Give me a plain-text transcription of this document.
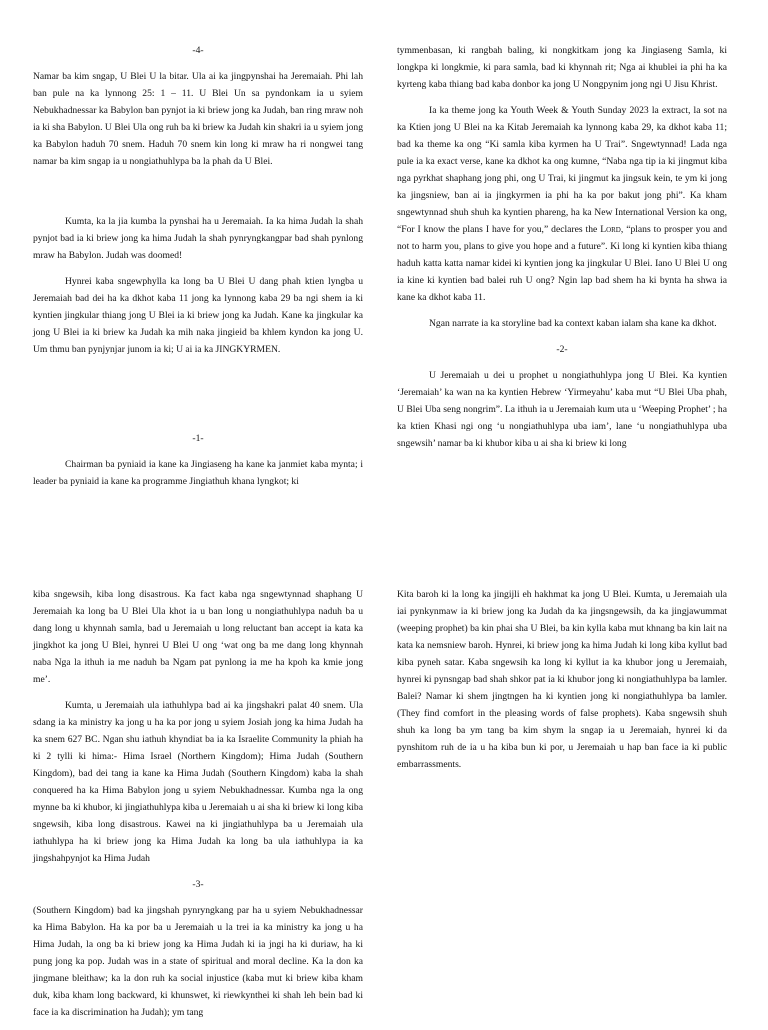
-4-

Namar ba kim sngap, U Blei U la bitar. Ula ai ka jingpynshai ha Jeremaiah. Phi lah ban pule na ka lynnong 25: 1 – 11. U Blei Un sa pyndonkam ia u syiem Nebukhadnessar ka Babylon ban pynjot ia ki briew jong ka Judah, ban ring mraw noh ia ki sha Babylon. U Blei Ula ong ruh ba ki briew ka Judah kin shakri ia u syiem jong ka Babylon haduh 70 snem. Haduh 70 snem kin long ki mraw ha ri nongwei tang namar ba kim sngap ia u nongiathuhlypa ba la phah da U Blei.

Kumta, ka la jia kumba la pynshai ha u Jeremaiah. Ia ka hima Judah la shah pynjot bad ia ki briew jong ka hima Judah la shah pynryngkangpar bad shah pynlong mraw ha Babylon. Judah was doomed!

Hynrei kaba sngewphylla ka long ba U Blei U dang phah ktien lyngba u Jeremaiah bad dei ha ka dkhot kaba 11 jong ka lynnong kaba 29 ba ngi shem ia ki kyntien jingkular thiang jong U Blei ia ki briew jong ka Judah. Kane ka jingkular ka jong U Blei ia ki briew ka Judah ka mih naka jingieid ba khlem kyndon ka jong U. Um thmu ban pynjynjar junom ia ki; U ai ia ka JINGKYRMEN.

-1-

Chairman ba pyniaid ia kane ka Jingiaseng ha kane ka janmiet kaba mynta; i leader ba pyniaid ia kane ka programme Jingiathuh khana lyngkot; ki

tymmenbasan, ki rangbah baling, ki nongkitkam jong ka Jingiaseng Samla, ki longkpa ki longkmie, ki para samla, bad ki khynnah rit; Nga ai khublei ia phi ha ka kyrteng kaba thiang bad kaba donbor ka jong U Nongpynim jong ngi U Jisu Khrist.

Ia ka theme jong ka Youth Week & Youth Sunday 2023 la extract, la sot na ka Ktien jong U Blei na ka Kitab Jeremaiah ka lynnong kaba 29, ka dkhot kaba 11; bad ka theme ka ong “Ki samla kiba kyrmen ha U Trai”. Sngewtynnad! Lada nga pule ia ka exact verse, kane ka dkhot ka ong kumne, “Naba nga tip ia ki jingmut kiba nga pyrkhat shaphang jong phi, ong U Trai, ki jingmut ka jingsuk kein, te ym ki jong ka jingsniew, ban ai ia jingkyrmen ia phi ha ka por bakut jong phi”. Ka kham sngewtynnad shuh shuh ka kyntien phareng, ha ka New International Version ka ong, “For I know the plans I have for you,” declares the Lord, “plans to prosper you and not to harm you, plans to give you hope and a future”. Ki long ki kyntien kiba thiang haduh katta katta namar kidei ki kyntien jong ka jingkular U Blei. Iano U Blei U ong ia kine ki kyntien bad balei ruh U ong? Ngin lap bad shem ha ki bynta ha shwa ia kane ka dkhot kaba 11.

Ngan narrate ia ka storyline bad ka context kaban ialam sha kane ka dkhot.

-2-

U Jeremaiah u dei u prophet u nongiathuhlypa jong U Blei. Ka kyntien ‘Jeremaiah’ ka wan na ka kyntien Hebrew ‘Yirmeyahu’ kaba mut “U Blei Uba phah, U Blei Uba seng nongrim”. La ithuh ia u Jeremaiah kum uta u ‘Weeping Prophet’ ; ha ka ktien Khasi ngi ong ‘u nongiathuhlypa uba iam’, lane ‘u nongiathuhlypa uba sngewsih’ namar ba ki khubor kiba u ai sha ki briew ki long

kiba sngewsih, kiba long disastrous. Ka fact kaba nga sngewtynnad shaphang U Jeremaiah ka long ba U Blei Ula khot ia u ban long u nongiathuhlypa naduh ba u dang long u khynnah samla, bad u Jeremaiah u long reluctant ban accept ia kata ka jingkhot ka jong U Blei, hynrei U Blei U ong ‘wat ong ba me dang long khynnah naba Nga la ithuh ia me naduh ba Ngam pat pynlong ia me ha kpoh ka kmie jong me’.

Kumta, u Jeremaiah ula iathuhlypa bad ai ka jingshakri palat 40 snem. Ula sdang ia ka ministry ka jong u ha ka por jong u syiem Josiah jong ka hima Judah ha ka snem 627 BC. Ngan shu iathuh khyndiat ba ia ka Israelite Community la phiah ha ki 2 tylli ki hima:- Hima Israel (Northern Kingdom); Hima Judah (Southern Kingdom), bad dei tang ia kane ka Hima Judah (Southern Kingdom) kaba la shah conquered ha ka Hima Babylon jong u syiem Nebukhadnessar. Kumba nga la ong mynne ba ki khubor, ki jingiathuhlypa kiba u Jeremaiah u ai sha ki briew ki long kiba sngewsih, kiba long disastrous. Kawei na ki jingiathuhlypa ba u Jeremaiah ula iathuhlypa ha ki briew jong ka Hima Judah ka long ba ula iathuhlypa ia ka jingshahpynjot ka Hima Judah

-3-

(Southern Kingdom) bad ka jingshah pynryngkang par ha u syiem Nebukhadnessar ka Hima Babylon. Ha ka por ba u Jeremaiah u la trei ia ka ministry ka jong u ha Hima Judah, la ong ba ki briew jong ka Hima Judah ki ia jngi ha ki duriaw, ha ki pung jong ka pop. Judah was in a state of spiritual and moral decline. Ka la don ka jingmane bleithaw; ka la don ruh ka social injustice (kaba mut ki briew kiba kham duk, kiba kham long backward, ki khunswet, ki riewkynthei ki shah leh bein bad ki face ia ka discrimination ha Judah); ym tang

Kita baroh ki la long ka jingijli eh hakhmat ka jong U Blei. Kumta, u Jeremaiah ula iai pynkynmaw ia ki briew jong ka Judah da ka jingsngewsih, da ka jingjawummat (weeping prophet) ba kin phai sha U Blei, ba kin kylla kaba mut khnang ba kin lait na kata ka nemsniew baroh. Hynrei, ki briew jong ka hima Judah ki long kiba kyllut bad kiba pyneh satar. Kaba sngewsih ka long ki kyllut ia ka khubor jong u Jeremaiah, hynrei ki pynsngap bad shah shkor pat ia ki khubor jong ki nongiathuhlypa ba lamler. Balei? Namar ki shem jingtngen ha ki kyntien jong ki nongiathuhlypa ba lamler. (They find comfort in the pleasing words of false prophets). Kaba sngewsih shuh shuh ka long ba ym tang ba kim shym la sngap ia u Jeremaiah, hynrei ki da pynshitom ruh de ia u ha kiba bun ki por, u Jeremaiah u hap ban face ia ki public embarrassments.
